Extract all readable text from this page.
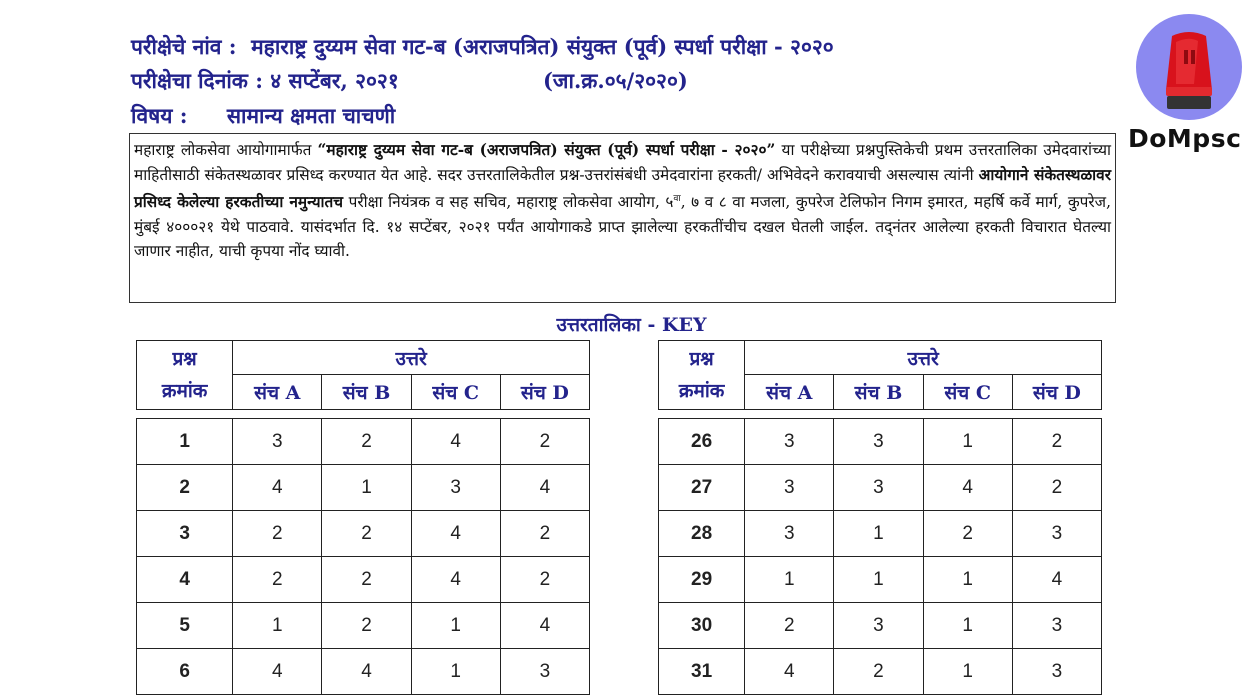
परीक्षेचे नांव : महाराष्ट्र दुय्यम सेवा गट-ब (अराजपत्रित) संयुक्त (पूर्व) स्पर्धा परीक्षा - २०२०
परीक्षेचा दिनांक : ४ सप्टेंबर, २०२१	(जा.क्र.०५/२०२०)
विषय : सामान्य क्षमता चाचणी
महाराष्ट्र लोकसेवा आयोगामार्फत “महाराष्ट्र दुय्यम सेवा गट-ब (अराजपत्रित) संयुक्त (पूर्व) स्पर्धा परीक्षा - २०२०” या परीक्षेच्या प्रश्नपुस्तिकेची प्रथम उत्तरतालिका उमेदवारांच्या माहितीसाठी संकेतस्थळावर प्रसिध्द करण्यात येत आहे. सदर उत्तरतालिकेतील प्रश्न-उत्तरांसंबंधी उमेदवारांना हरकती/ अभिवेदने करावयाची असल्यास त्यांनी आयोगाने संकेतस्थळावर प्रसिध्द केलेल्या हरकतीच्या नमुन्यातच परीक्षा नियंत्रक व सह सचिव, महाराष्ट्र लोकसेवा आयोग, $५^{वा}$, ७ व ८ वा मजला, कुपरेज टेलिफोन निगम इमारत, महर्षि कर्वे मार्ग, कुपरेज, मुंबई ४०००२१ येथे पाठवावे. यासंदर्भात दि. १४ सप्टेंबर, २०२१ पर्यंत आयोगाकडे प्राप्त झालेल्या हरकतींचीच दखल घेतली जाईल. तद्नंतर आलेल्या हरकती विचारात घेतल्या जाणार नाहीत, याची कृपया नोंद घ्यावी.
उत्तरतालिका - KEY
प्रश्न
क्रमांक	उत्तरे			
	संच A	संच B	संच C	संच D

1	3	2	4	2
2	4	1	3	4
3	2	2	4	2
4	2	2	4	2
5	1	2	1	4
6	4	4	1	3
प्रश्न
क्रमांक	उत्तरे			
	संच A	संच B	संच C	संच D

26	3	3	1	2
27	3	3	4	2
28	3	1	2	3
29	1	1	1	4
30	2	3	1	3
31	4	2	1	3
DoMpsc
